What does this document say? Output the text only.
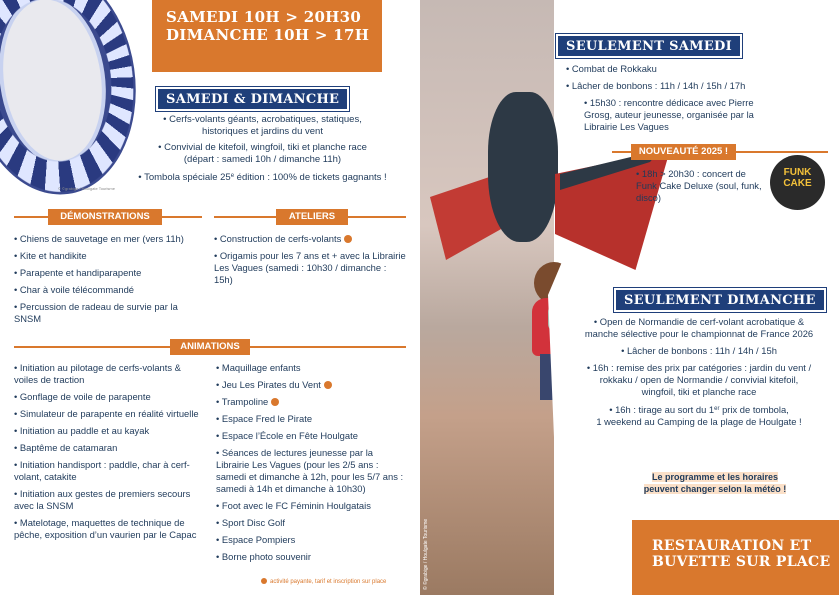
© ©grabige / Houlgate Tourisme
SAMEDI 10H > 20H30
DIMANCHE 10H > 17H
SAMEDI & DIMANCHE
• Cerfs-volants géants, acrobatiques, statiques,
historiques et jardins du vent
• Convivial de kitefoil, wingfoil, tiki et planche race
(départ : samedi 10h / dimanche 11h)
• Tombola spéciale 25e édition : 100% de tickets gagnants !
DÉMONSTRATIONS
• Chiens de sauvetage en mer (vers 11h)
• Kite et handikite
• Parapente et handiparapente
• Char à voile télécommandé
• Percussion de radeau de survie par la SNSM
ATELIERS
• Construction de cerfs-volants
• Origamis pour les 7 ans et + avec la Librairie Les Vagues (samedi : 10h30 / dimanche : 15h)
ANIMATIONS
• Initiation au pilotage de cerfs-volants & voiles de traction
• Gonflage de voile de parapente
• Simulateur de parapente en réalité virtuelle
• Initiation au paddle et au kayak
• Baptême de catamaran
• Initiation handisport : paddle, char à cerf-volant, catakite
• Initiation aux gestes de premiers secours avec la SNSM
• Matelotage, maquettes de technique de pêche, exposition d’un vaurien par le Capac
• Maquillage enfants
• Jeu Les Pirates du Vent
• Trampoline
• Espace Fred le Pirate
• Espace l’École en Fête Houlgate
• Séances de lectures jeunesse par la Librairie Les Vagues (pour les 2/5 ans : samedi et dimanche à 12h, pour les 5/7 ans : samedi à 14h et dimanche à 10h30)
• Foot avec le FC Féminin Houlgatais
• Sport Disc Golf
• Espace Pompiers
• Borne photo souvenir
activité payante, tarif et inscription sur place	© ©grabige / Houlgate Tourisme
SEULEMENT SAMEDI
• Combat de Rokkaku
• Lâcher de bonbons : 11h / 14h / 15h / 17h
• 15h30 : rencontre dédicace avec Pierre Grosg, auteur jeunesse, organisée par la Librairie Les Vagues
NOUVEAUTÉ 2025 !
• 18h > 20h30 : concert de Funk Cake Deluxe (soul, funk, disco)
FUNK
CAKE
SEULEMENT DIMANCHE
• Open de Normandie de cerf-volant acrobatique & manche sélective pour le championnat de France 2026
• Lâcher de bonbons : 11h / 14h / 15h
• 16h : remise des prix par catégories : jardin du vent / rokkaku / open de Normandie / convivial kitefoil, wingfoil, tiki et planche race
• 16h : tirage au sort du 1er prix de tombola,
1 weekend au Camping de la plage de Houlgate !
Le programme et les horaires
peuvent changer selon la météo !
RESTAURATION ET
BUVETTE SUR PLACE
